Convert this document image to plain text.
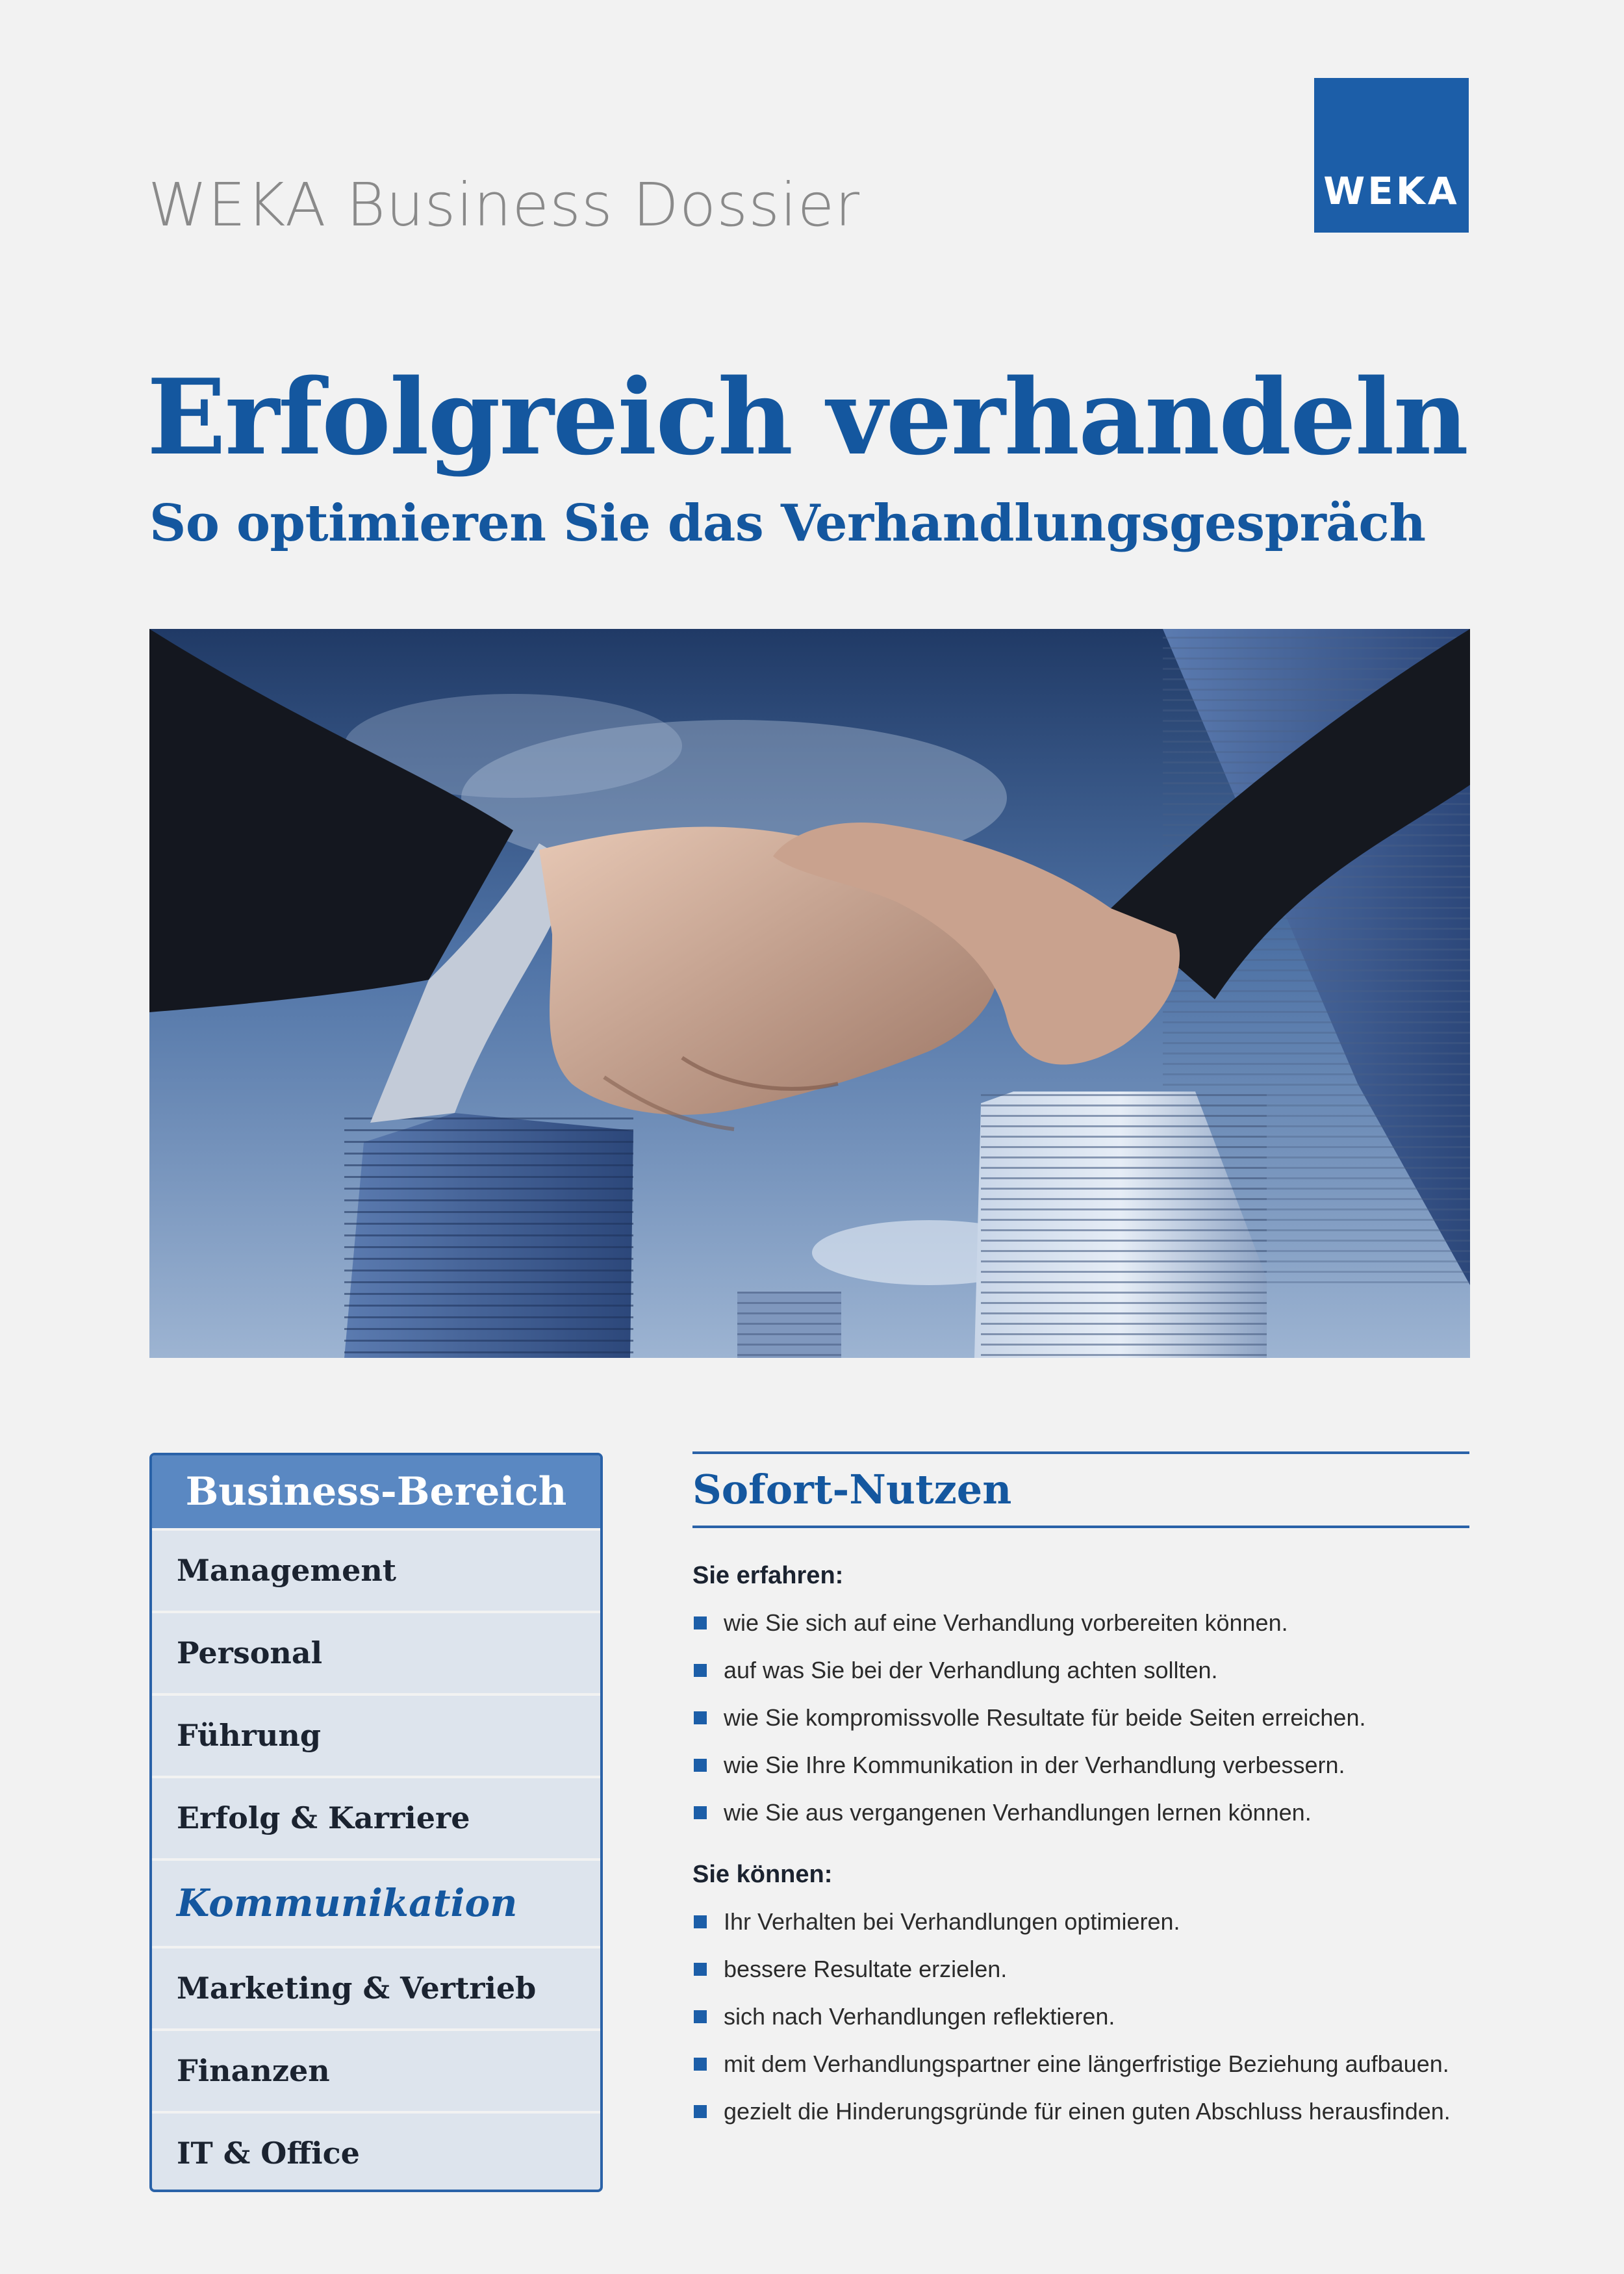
WEKA Business Dossier	WEKA
Erfolgreich verhandeln
So optimieren Sie das Verhandlungsgespräch
Business-Bereich
Management
Personal
Führung
Erfolg & Karriere
Kommunikation
Marketing & Vertrieb
Finanzen
IT & Office
Sofort-Nutzen
Sie erfahren:
wie Sie sich auf eine Verhandlung vorbereiten können.
auf was Sie bei der Verhandlung achten sollten.
wie Sie kompromissvolle Resultate für beide Seiten erreichen.
wie Sie Ihre Kommunikation in der Verhandlung verbessern.
wie Sie aus vergangenen Verhandlungen lernen können.
Sie können:
Ihr Verhalten bei Verhandlungen optimieren.
bessere Resultate erzielen.
sich nach Verhandlungen reflektieren.
mit dem Verhandlungspartner eine längerfristige Beziehung aufbauen.
gezielt die Hinderungsgründe für einen guten Abschluss herausfinden.
